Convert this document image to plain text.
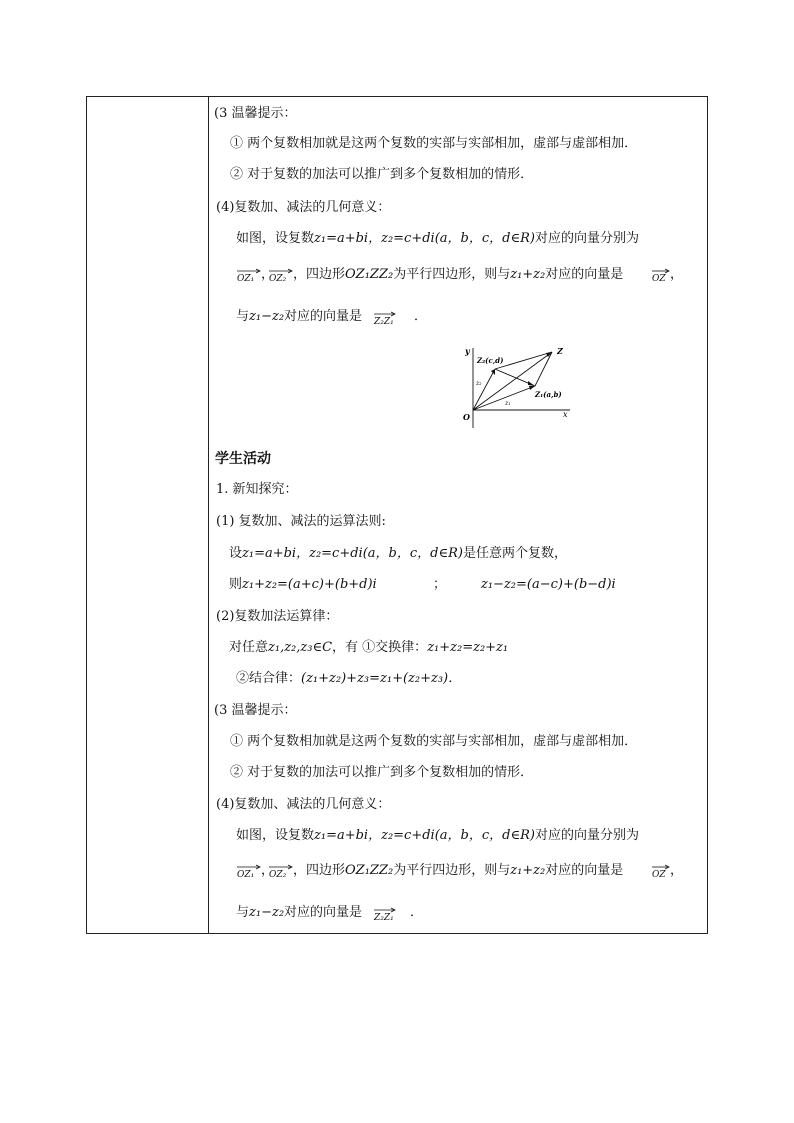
(3 温馨提示：
① 两个复数相加就是这两个复数的实部与实部相加，虚部与虚部相加．
② 对于复数的加法可以推广到多个复数相加的情形．
(4)复数加、减法的几何意义：
如图，设复数z₁=a+bi，z₂=c+di(a，b，c，d∈R)对应的向量分别为
OZ₁ ，
OZ₂ ，四边形OZ₁ZZ₂为平行四边形，则与z₁+z₂对应的向量是	OZ ，
与z₁−z₂对应的向量是 Z₂Z₁ ．
y
x
O
Z
Z₂(c,d)
Z₁(a,b)
z₂
z₁
学生活动
1. 新知探究：
(1) 复数加、减法的运算法则:
设z₁=a+bi，z₂=c+di(a，b，c，d∈R)是任意两个复数，
则z₁+z₂=(a+c)+(b+d)i	；	z₁−z₂=(a−c)+(b−d)i
(2)复数加法运算律：
对任意z₁,z₂,z₃∈C，有 ①交换律：z₁+z₂=z₂+z₁
②结合律：(z₁+z₂)+z₃=z₁+(z₂+z₃)．
(3 温馨提示：
① 两个复数相加就是这两个复数的实部与实部相加，虚部与虚部相加．
② 对于复数的加法可以推广到多个复数相加的情形．
(4)复数加、减法的几何意义：
如图，设复数z₁=a+bi，z₂=c+di(a，b，c，d∈R)对应的向量分别为
OZ₁ ，
OZ₂ ，四边形OZ₁ZZ₂为平行四边形，则与z₁+z₂对应的向量是	OZ ，
与z₁−z₂对应的向量是 Z₂Z₁ ．
